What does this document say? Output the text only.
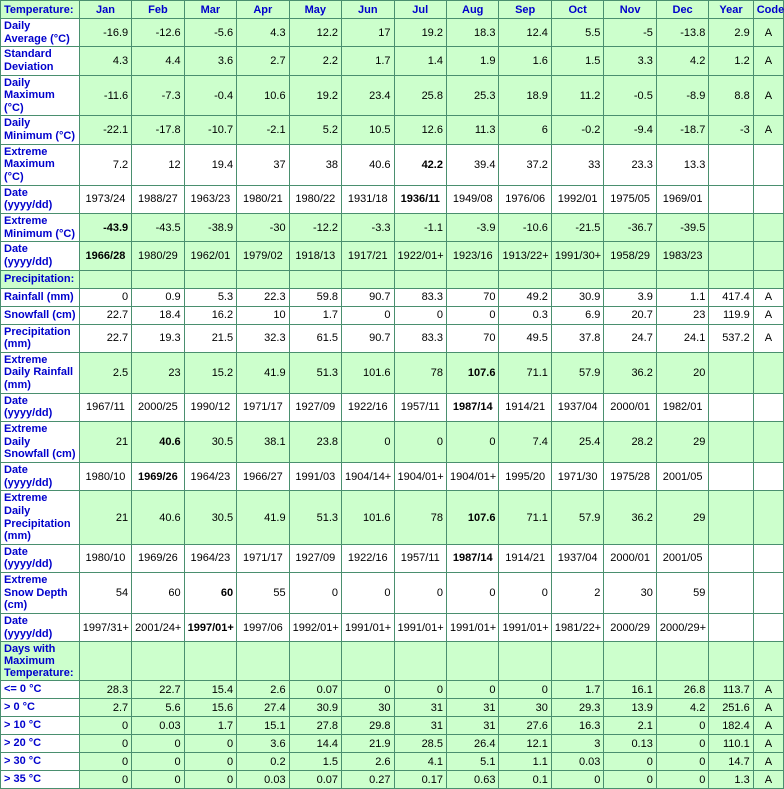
Temperature:	Jan	Feb	Mar	Apr	May	Jun	Jul	Aug	Sep	Oct	Nov	Dec	Year	Code
Daily Average (°C)	-16.9	-12.6	-5.6	4.3	12.2	17	19.2	18.3	12.4	5.5	-5	-13.8	2.9	A
Standard Deviation	4.3	4.4	3.6	2.7	2.2	1.7	1.4	1.9	1.6	1.5	3.3	4.2	1.2	A
Daily Maximum (°C)	-11.6	-7.3	-0.4	10.6	19.2	23.4	25.8	25.3	18.9	11.2	-0.5	-8.9	8.8	A
Daily Minimum (°C)	-22.1	-17.8	-10.7	-2.1	5.2	10.5	12.6	11.3	6	-0.2	-9.4	-18.7	-3	A
Extreme Maximum (°C)	7.2	12	19.4	37	38	40.6	42.2	39.4	37.2	33	23.3	13.3		
Date (yyyy/dd)	1973/24	1988/27	1963/23	1980/21	1980/22	1931/18	1936/11	1949/08	1976/06	1992/01	1975/05	1969/01		
Extreme Minimum (°C)	-43.9	-43.5	-38.9	-30	-12.2	-3.3	-1.1	-3.9	-10.6	-21.5	-36.7	-39.5		
Date (yyyy/dd)	1966/28	1980/29	1962/01	1979/02	1918/13	1917/21	1922/01+	1923/16	1913/22+	1991/30+	1958/29	1983/23		
Precipitation:														
Rainfall (mm)	0	0.9	5.3	22.3	59.8	90.7	83.3	70	49.2	30.9	3.9	1.1	417.4	A
Snowfall (cm)	22.7	18.4	16.2	10	1.7	0	0	0	0.3	6.9	20.7	23	119.9	A
Precipitation (mm)	22.7	19.3	21.5	32.3	61.5	90.7	83.3	70	49.5	37.8	24.7	24.1	537.2	A
Extreme Daily Rainfall (mm)	2.5	23	15.2	41.9	51.3	101.6	78	107.6	71.1	57.9	36.2	20		
Date (yyyy/dd)	1967/11	2000/25	1990/12	1971/17	1927/09	1922/16	1957/11	1987/14	1914/21	1937/04	2000/01	1982/01		
Extreme Daily Snowfall (cm)	21	40.6	30.5	38.1	23.8	0	0	0	7.4	25.4	28.2	29		
Date (yyyy/dd)	1980/10	1969/26	1964/23	1966/27	1991/03	1904/14+	1904/01+	1904/01+	1995/20	1971/30	1975/28	2001/05		
Extreme Daily Precipitation (mm)	21	40.6	30.5	41.9	51.3	101.6	78	107.6	71.1	57.9	36.2	29		
Date (yyyy/dd)	1980/10	1969/26	1964/23	1971/17	1927/09	1922/16	1957/11	1987/14	1914/21	1937/04	2000/01	2001/05		
Extreme Snow Depth (cm)	54	60	60	55	0	0	0	0	0	2	30	59		
Date (yyyy/dd)	1997/31+	2001/24+	1997/01+	1997/06	1992/01+	1991/01+	1991/01+	1991/01+	1991/01+	1981/22+	2000/29	2000/29+		
Days with Maximum Temperature:														
<= 0 °C	28.3	22.7	15.4	2.6	0.07	0	0	0	0	1.7	16.1	26.8	113.7	A
> 0 °C	2.7	5.6	15.6	27.4	30.9	30	31	31	30	29.3	13.9	4.2	251.6	A
> 10 °C	0	0.03	1.7	15.1	27.8	29.8	31	31	27.6	16.3	2.1	0	182.4	A
> 20 °C	0	0	0	3.6	14.4	21.9	28.5	26.4	12.1	3	0.13	0	110.1	A
> 30 °C	0	0	0	0.2	1.5	2.6	4.1	5.1	1.1	0.03	0	0	14.7	A
> 35 °C	0	0	0	0.03	0.07	0.27	0.17	0.63	0.1	0	0	0	1.3	A
